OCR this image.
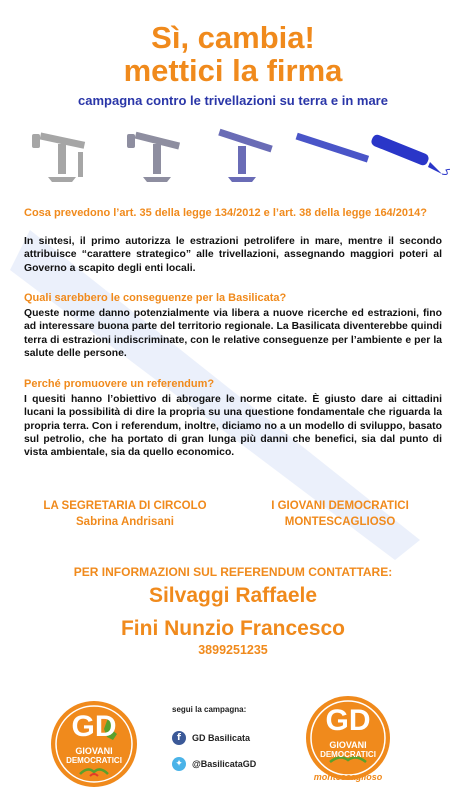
Sì, cambia!
mettici la firma
campagna contro le trivellazioni su terra e in mare
Cosa prevedono l’art. 35 della legge 134/2012 e l’art. 38 della legge 164/2014?
In sintesi, il primo autorizza le estrazioni petrolifere in mare, mentre il secondo attribuisce “carattere strategico” alle trivellazioni, assegnando maggiori poteri al Governo a scapito degli enti locali.
Quali sarebbero le conseguenze per la Basilicata?
Queste norme danno potenzialmente via libera a nuove ricerche ed estrazioni, fino ad interessare buona parte del territorio regionale. La Basilicata diventerebbe quindi terra di estrazioni indiscriminate, con le relative conseguenze per l’ambiente e per la salute delle persone.
Perché promuovere un referendum?
I quesiti hanno l’obiettivo di abrogare le norme citate. È giusto dare ai cittadini lucani la possibilità di dire la propria su una questione fondamentale che riguarda la propria terra. Con i referendum, inoltre, diciamo no a un modello di sviluppo, basato sul petrolio, che ha portato di gran lunga più danni che benefici, sia dal punto di vista ambientale, sia da quello economico.
LA SEGRETARIA DI CIRCOLO
Sabrina Andrisani
I GIOVANI DEMOCRATICI
MONTESCAGLIOSO
PER INFORMAZIONI SUL REFERENDUM CONTATTARE:
Silvaggi Raffaele
Fini Nunzio Francesco
3899251235
GD
GIOVANI
DEMOCRATICI
segui la campagna:
f	GD Basilicata
✦	@BasilicataGD
GD
GIOVANI
DEMOCRATICI
montescaglioso
